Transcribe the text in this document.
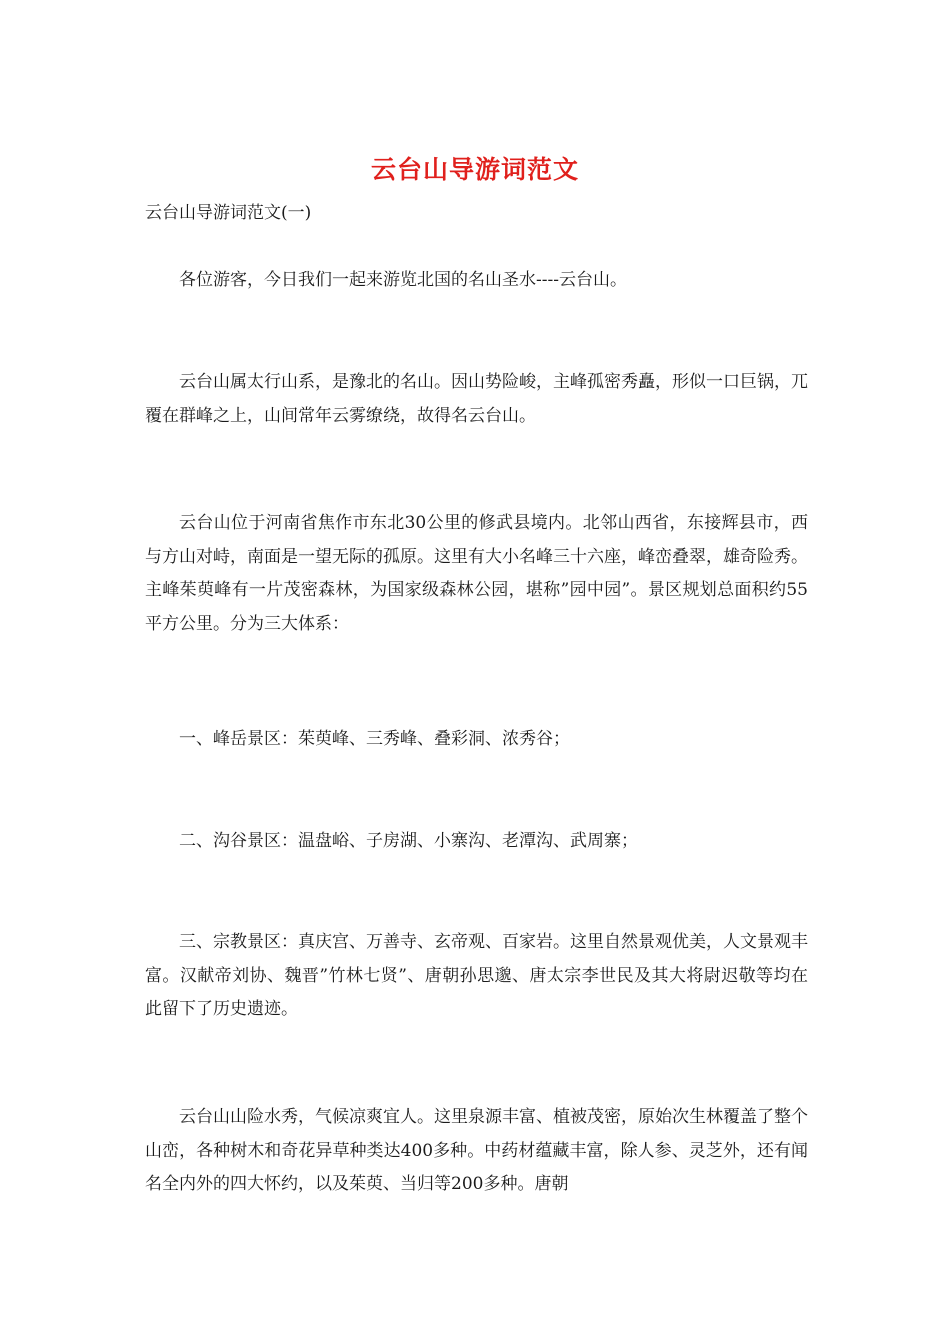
云台山导游词范文
云台山导游词范文(一)

各位游客，今日我们一起来游览北国的名山圣水----云台山。

云台山属太行山系，是豫北的名山。因山势险峻，主峰孤密秀矗，形似一口巨锅，兀覆在群峰之上，山间常年云雾缭绕，故得名云台山。

云台山位于河南省焦作市东北30公里的修武县境内。北邻山西省，东接辉县市，西与方山对峙，南面是一望无际的孤原。这里有大小名峰三十六座，峰峦叠翠，雄奇险秀。主峰茱萸峰有一片茂密森林，为国家级森林公园，堪称”园中园”。景区规划总面积约55平方公里。分为三大体系：

一、峰岳景区：茱萸峰、三秀峰、叠彩洞、浓秀谷；

二、沟谷景区：温盘峪、子房湖、小寨沟、老潭沟、武周寨；

三、宗教景区：真庆宫、万善寺、玄帝观、百家岩。这里自然景观优美，人文景观丰富。汉献帝刘协、魏晋”竹林七贤”、唐朝孙思邈、唐太宗李世民及其大将尉迟敬等均在此留下了历史遗迹。

云台山山险水秀，气候凉爽宜人。这里泉源丰富、植被茂密，原始次生林覆盖了整个山峦，各种树木和奇花异草种类达400多种。中药材蕴藏丰富，除人参、灵芝外，还有闻名全内外的四大怀约，以及茱萸、当归等200多种。唐朝
